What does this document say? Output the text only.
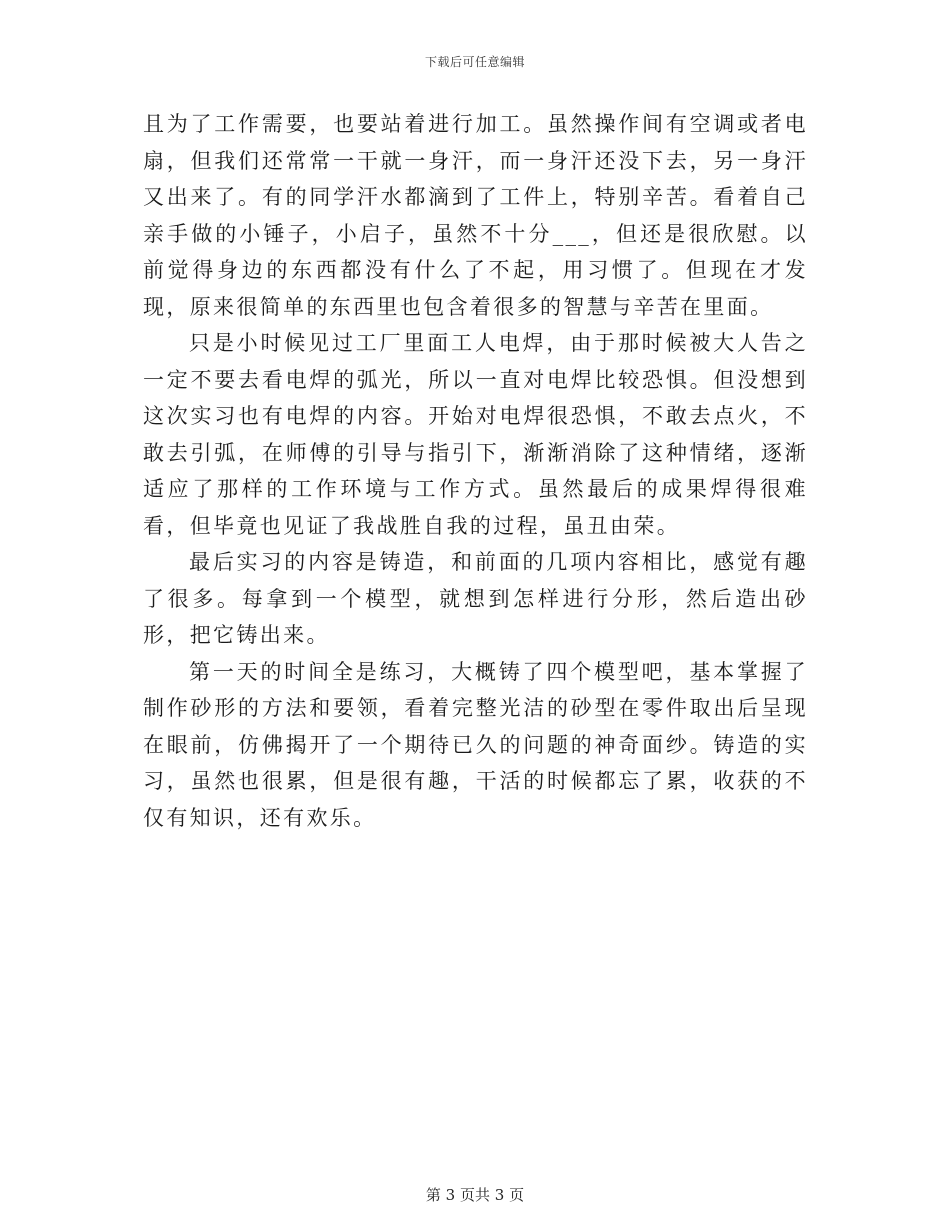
下载后可任意编辑

且为了工作需要，也要站着进行加工。虽然操作间有空调或者电扇，但我们还常常一干就一身汗，而一身汗还没下去，另一身汗又出来了。有的同学汗水都滴到了工件上，特别辛苦。看着自己亲手做的小锤子，小启子，虽然不十分___，但还是很欣慰。以前觉得身边的东西都没有什么了不起，用习惯了。但现在才发现，原来很简单的东西里也包含着很多的智慧与辛苦在里面。

只是小时候见过工厂里面工人电焊，由于那时候被大人告之一定不要去看电焊的弧光，所以一直对电焊比较恐惧。但没想到这次实习也有电焊的内容。开始对电焊很恐惧，不敢去点火，不敢去引弧，在师傅的引导与指引下，渐渐消除了这种情绪，逐渐适应了那样的工作环境与工作方式。虽然最后的成果焊得很难看，但毕竟也见证了我战胜自我的过程，虽丑由荣。

最后实习的内容是铸造，和前面的几项内容相比，感觉有趣了很多。每拿到一个模型，就想到怎样进行分形，然后造出砂形，把它铸出来。

第一天的时间全是练习，大概铸了四个模型吧，基本掌握了制作砂形的方法和要领，看着完整光洁的砂型在零件取出后呈现在眼前，仿佛揭开了一个期待已久的问题的神奇面纱。铸造的实习，虽然也很累，但是很有趣，干活的时候都忘了累，收获的不仅有知识，还有欢乐。

第 3 页共 3 页
